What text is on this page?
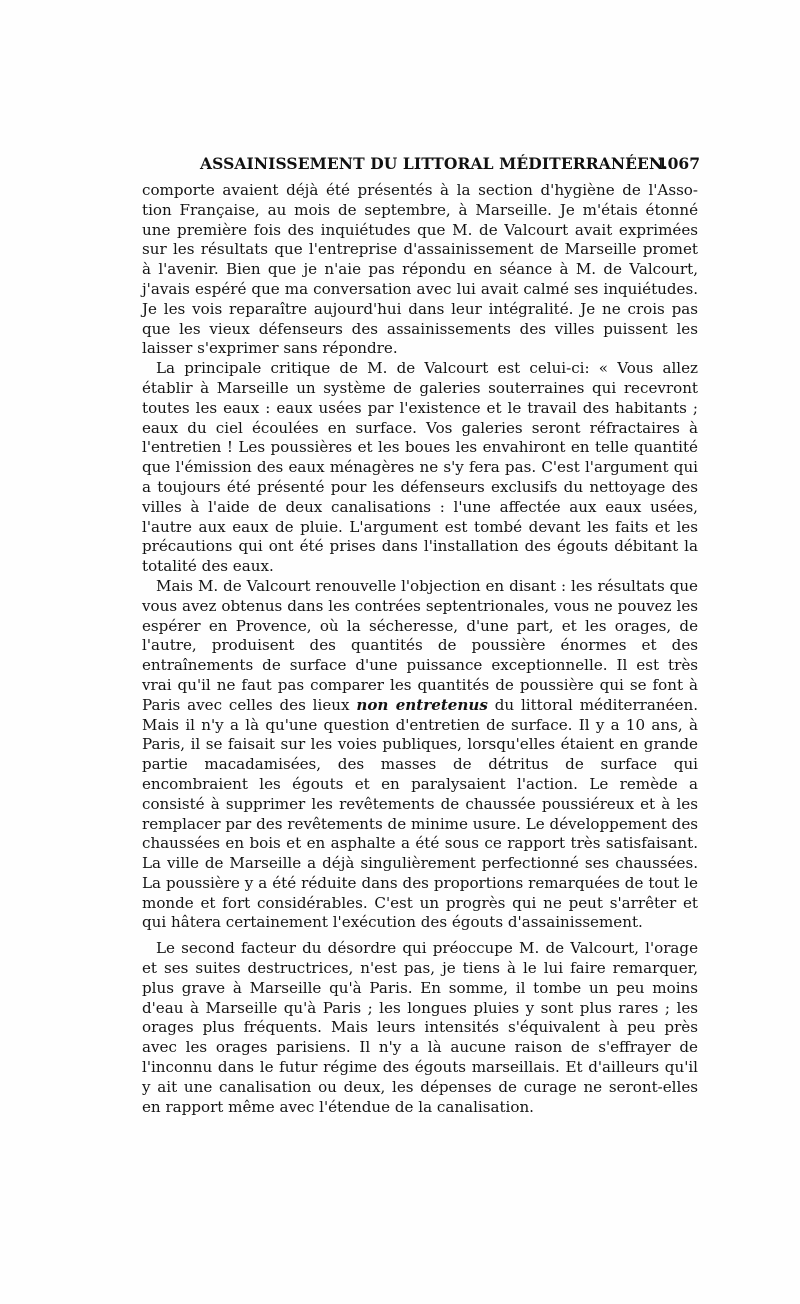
ASSAINISSEMENT DU LITTORAL MÉDITERRANÉEN.
1067

comporte avaient déjà été présentés à la section d'hygiène de l'Asso-tion Française, au mois de septembre, à Marseille. Je m'étais étonné une première fois des inquiétudes que M. de Valcourt avait exprimées sur les résultats que l'entreprise d'assainissement de Marseille promet à l'avenir. Bien que je n'aie pas répondu en séance à M. de Valcourt, j'avais espéré que ma conversation avec lui avait calmé ses inquiétudes. Je les vois reparaître aujourd'hui dans leur intégralité. Je ne crois pas que les vieux défenseurs des assainissements des villes puissent les laisser s'exprimer sans répondre.

La principale critique de M. de Valcourt est celui-ci: « Vous allez établir à Marseille un système de galeries souterraines qui recevront toutes les eaux : eaux usées par l'existence et le travail des habitants ; eaux du ciel écoulées en surface. Vos galeries seront réfractaires à l'entretien ! Les poussières et les boues les envahiront en telle quantité que l'émission des eaux ménagères ne s'y fera pas. C'est l'argument qui a toujours été présenté pour les défenseurs exclusifs du nettoyage des villes à l'aide de deux canalisations : l'une affectée aux eaux usées, l'autre aux eaux de pluie. L'argument est tombé devant les faits et les précautions qui ont été prises dans l'installation des égouts débitant la totalité des eaux.

Mais M. de Valcourt renouvelle l'objection en disant : les résultats que vous avez obtenus dans les contrées septentrionales, vous ne pouvez les espérer en Provence, où la sécheresse, d'une part, et les orages, de l'autre, produisent des quantités de poussière énormes et des entraînements de surface d'une puissance exceptionnelle. Il est très vrai qu'il ne faut pas comparer les quantités de poussière qui se font à Paris avec celles des lieux non entretenus du littoral méditerranéen. Mais il n'y a là qu'une question d'entretien de surface. Il y a 10 ans, à Paris, il se faisait sur les voies publiques, lorsqu'elles étaient en grande partie macadamisées, des masses de détritus de surface qui encombraient les égouts et en paralysaient l'action. Le remède a consisté à supprimer les revêtements de chaussée poussiéreux et à les remplacer par des revêtements de minime usure. Le développement des chaussées en bois et en asphalte a été sous ce rapport très satisfaisant. La ville de Marseille a déjà singulièrement perfectionné ses chaussées. La poussière y a été réduite dans des proportions remarquées de tout le monde et fort considérables. C'est un progrès qui ne peut s'arrêter et qui hâtera certainement l'exécution des égouts d'assainissement.

Le second facteur du désordre qui préoccupe M. de Valcourt, l'orage et ses suites destructrices, n'est pas, je tiens à le lui faire remarquer, plus grave à Marseille qu'à Paris. En somme, il tombe un peu moins d'eau à Marseille qu'à Paris ; les longues pluies y sont plus rares ; les orages plus fréquents. Mais leurs intensités s'équivalent à peu près avec les orages parisiens. Il n'y a là aucune raison de s'effrayer de l'inconnu dans le futur régime des égouts marseillais. Et d'ailleurs qu'il y ait une canalisation ou deux, les dépenses de curage ne seront-elles en rapport même avec l'étendue de la canalisation.
